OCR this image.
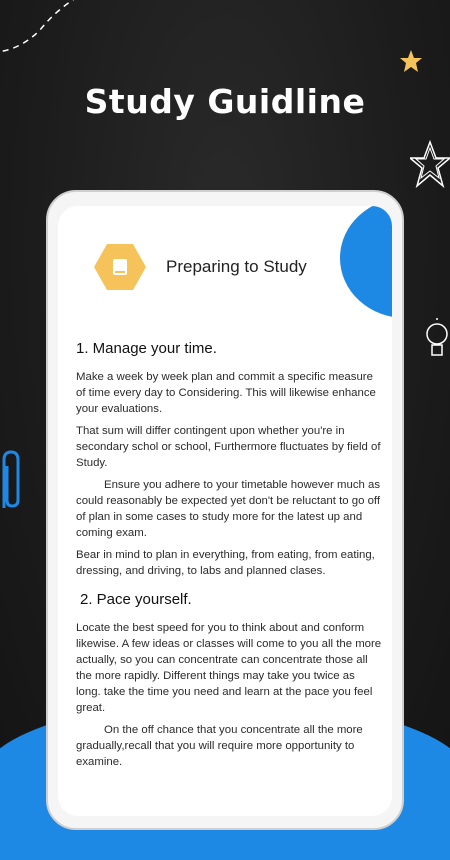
Study Guidline
Preparing to Study
1. Manage your time.

Make a week by week plan and commit a specific measure of time every day to Considering. This will likewise enhance your evaluations.

That sum will differ contingent upon whether you're in secondary schol or school, Furthermore fluctuates by field of Study.

Ensure you adhere to your timetable however much as could reasonably be expected yet don't be reluctant to go off of plan in some cases to study more for the latest up and coming exam.

Bear in mind to plan in everything, from eating, from eating, dressing, and driving, to labs and planned clases.

2. Pace yourself.

Locate the best speed for you to think about and conform likewise. A few ideas or classes will come to you all the more actually, so you can concentrate can concentrate those all the more rapidly. Different things may take you twice as long. take the time you need and learn at the pace you feel great.

On the off chance that you concentrate all the more gradually,recall that you will require more opportunity to examine.
